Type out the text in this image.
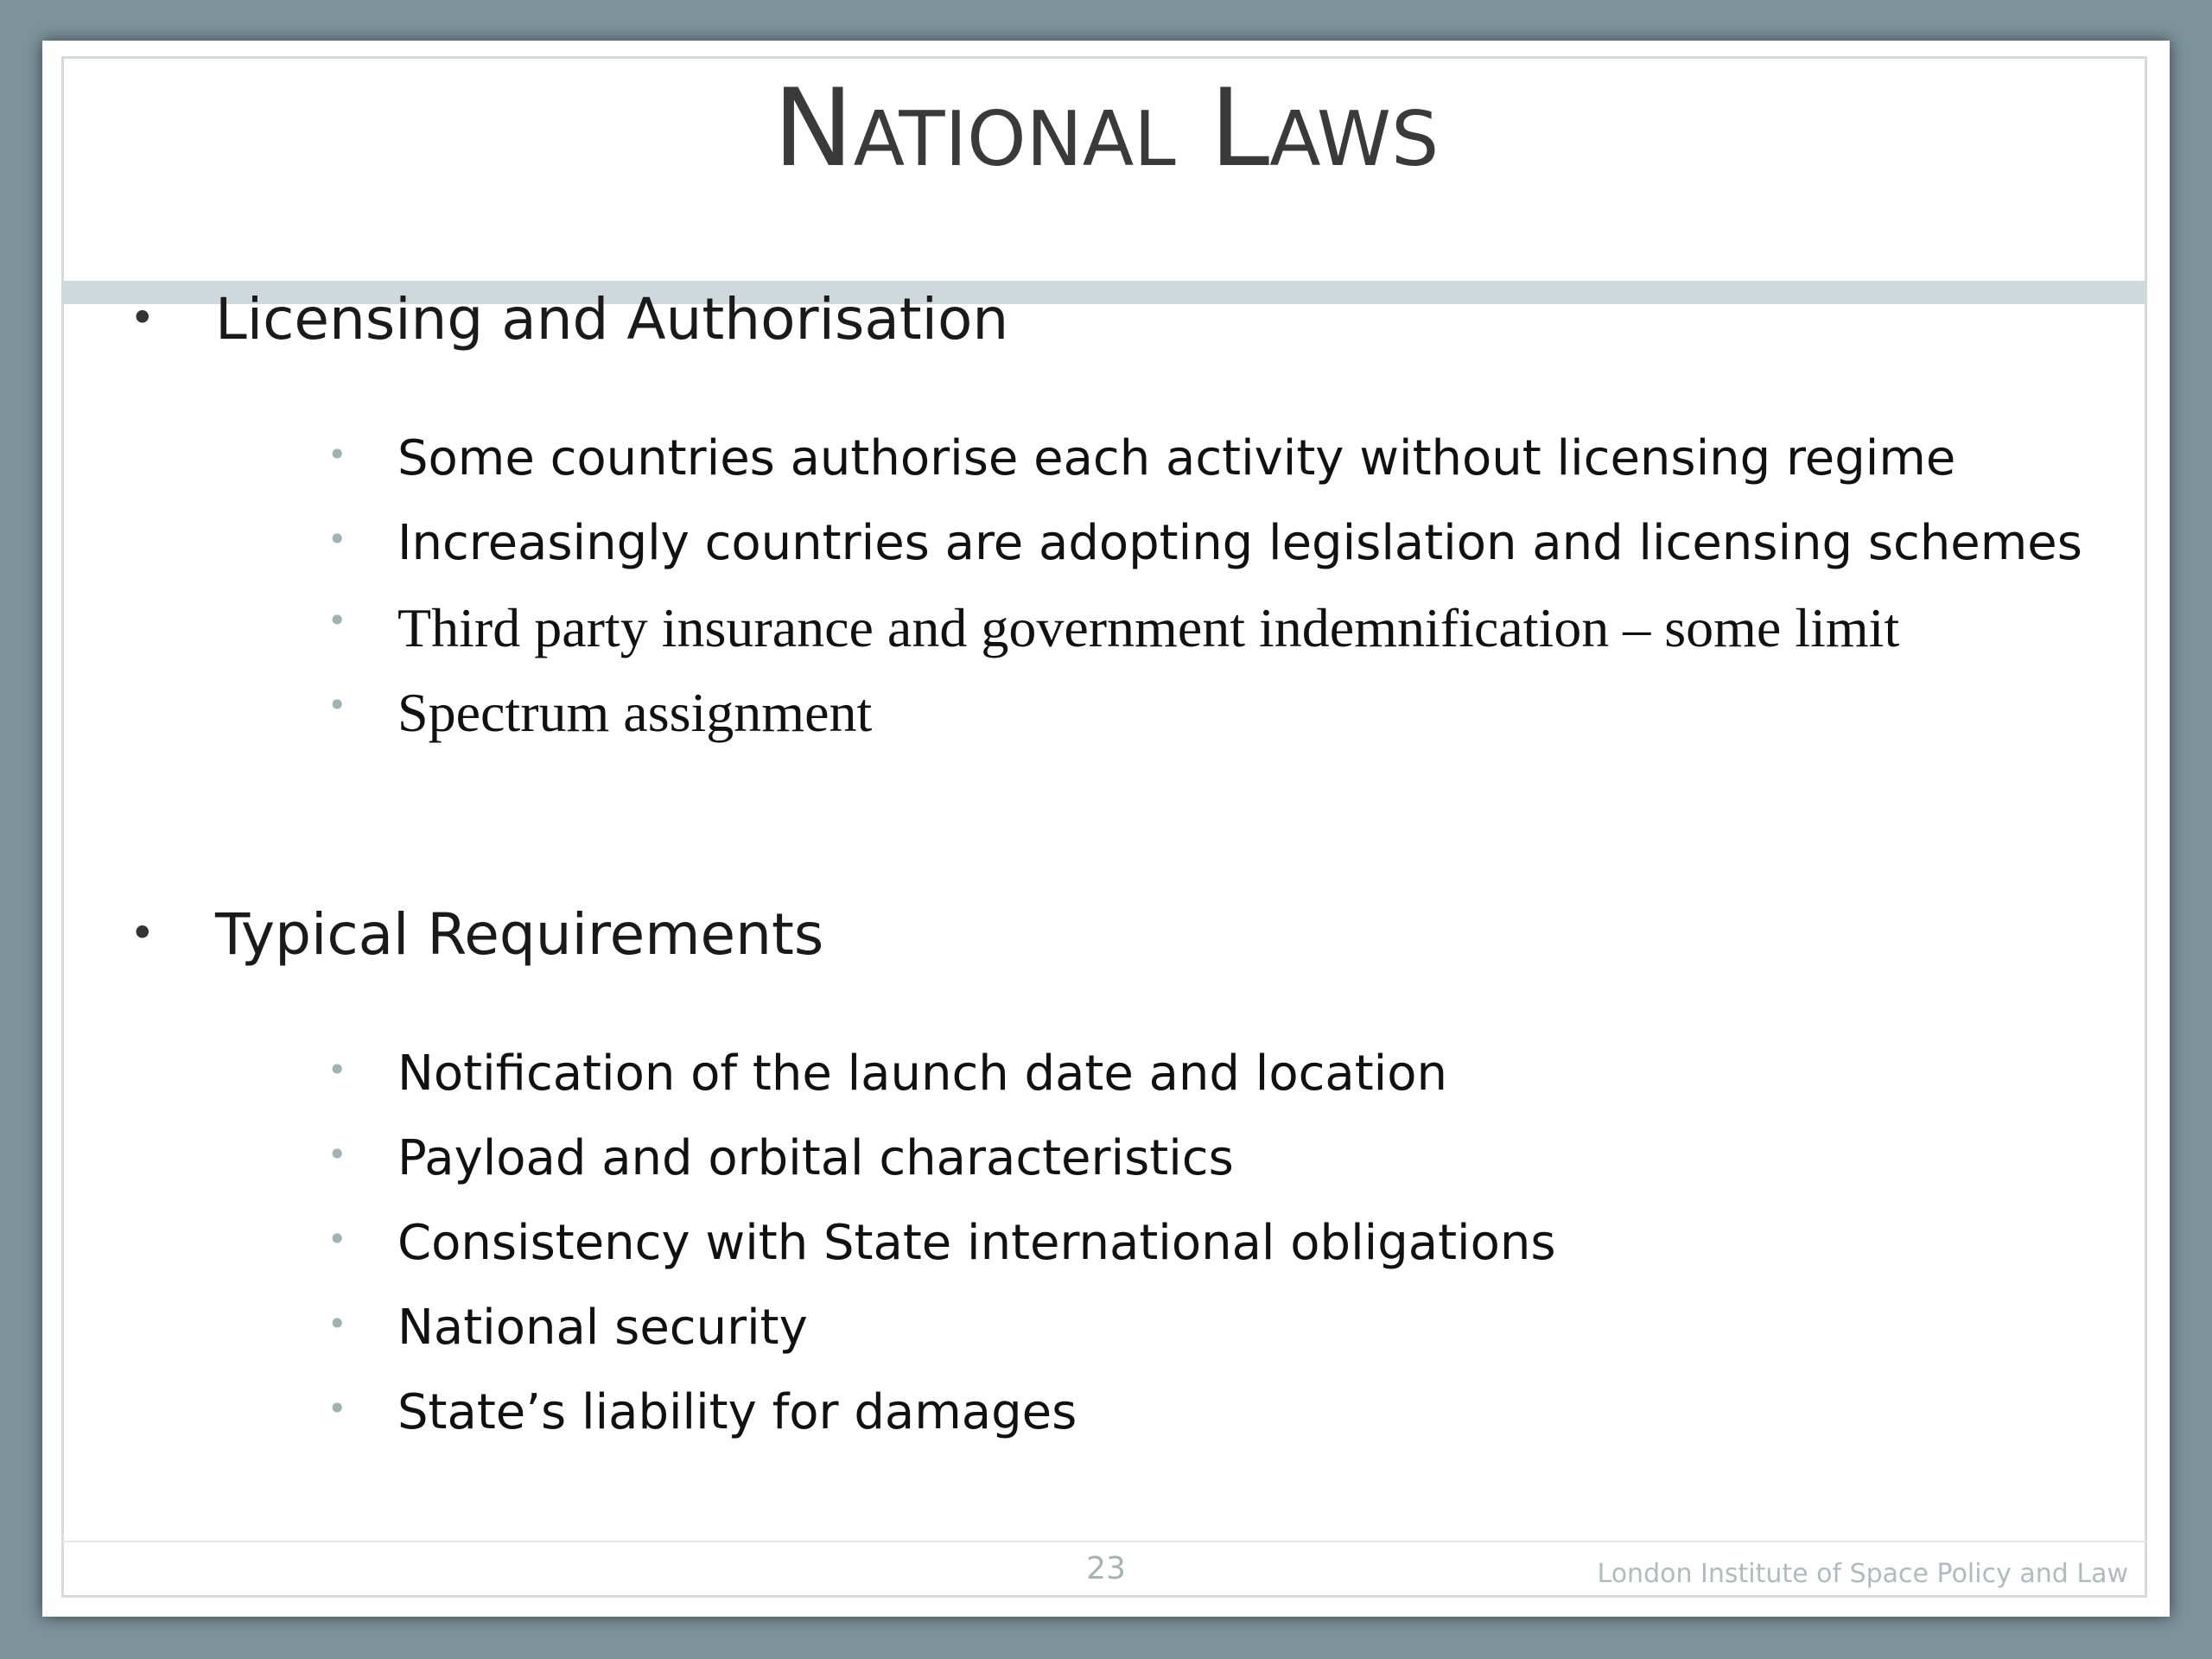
National Laws
• Licensing and Authorisation
• Some countries authorise each activity without licensing regime
• Increasingly countries are adopting legislation and licensing schemes
• Third party insurance and government indemnification – some limit
• Spectrum assignment
• Typical Requirements
• Notification of the launch date and location
• Payload and orbital characteristics
• Consistency with State international obligations
• National security
• State’s liability for damages
23	London Institute of Space Policy and Law
